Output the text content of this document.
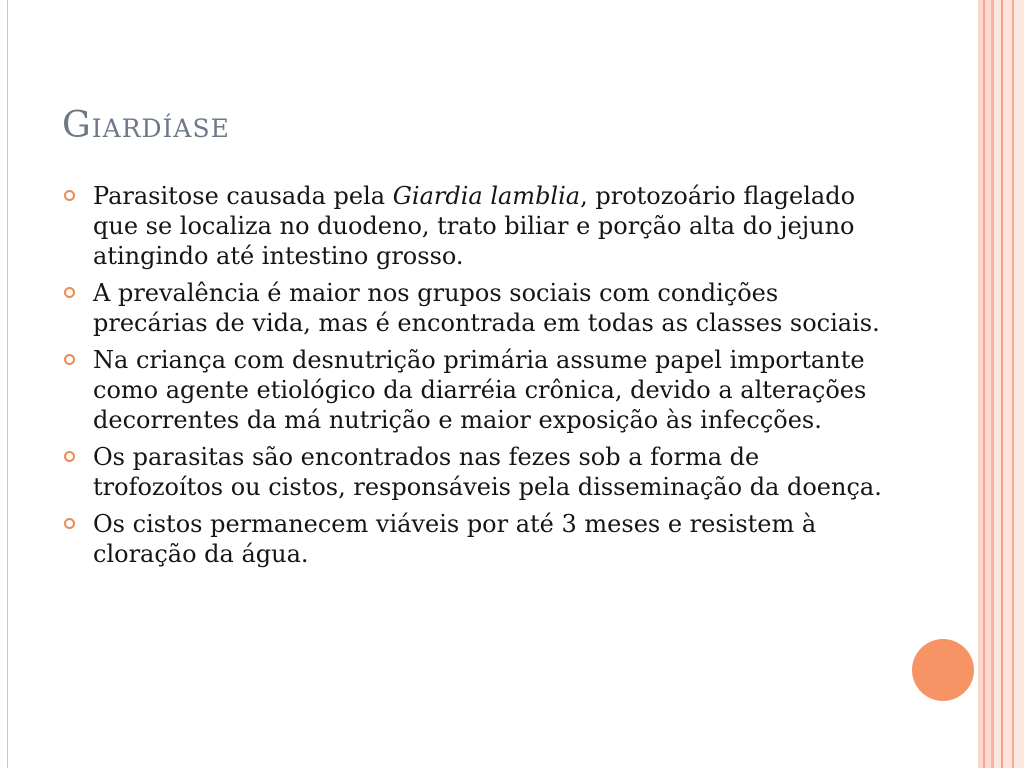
Giardíase
Parasitose causada pela Giardia lamblia, protozoário flagelado que se localiza no duodeno, trato biliar e porção alta do jejuno atingindo até intestino grosso.
A prevalência é maior nos grupos sociais com condições precárias de vida, mas é encontrada em todas as classes sociais.
Na criança com desnutrição primária assume papel importante como agente etiológico da diarréia crônica, devido a alterações decorrentes da má nutrição e maior exposição às infecções.
Os parasitas são encontrados nas fezes sob a forma de trofozoítos ou cistos, responsáveis pela disseminação da doença.
Os cistos permanecem viáveis por até 3 meses e resistem à cloração da água.
